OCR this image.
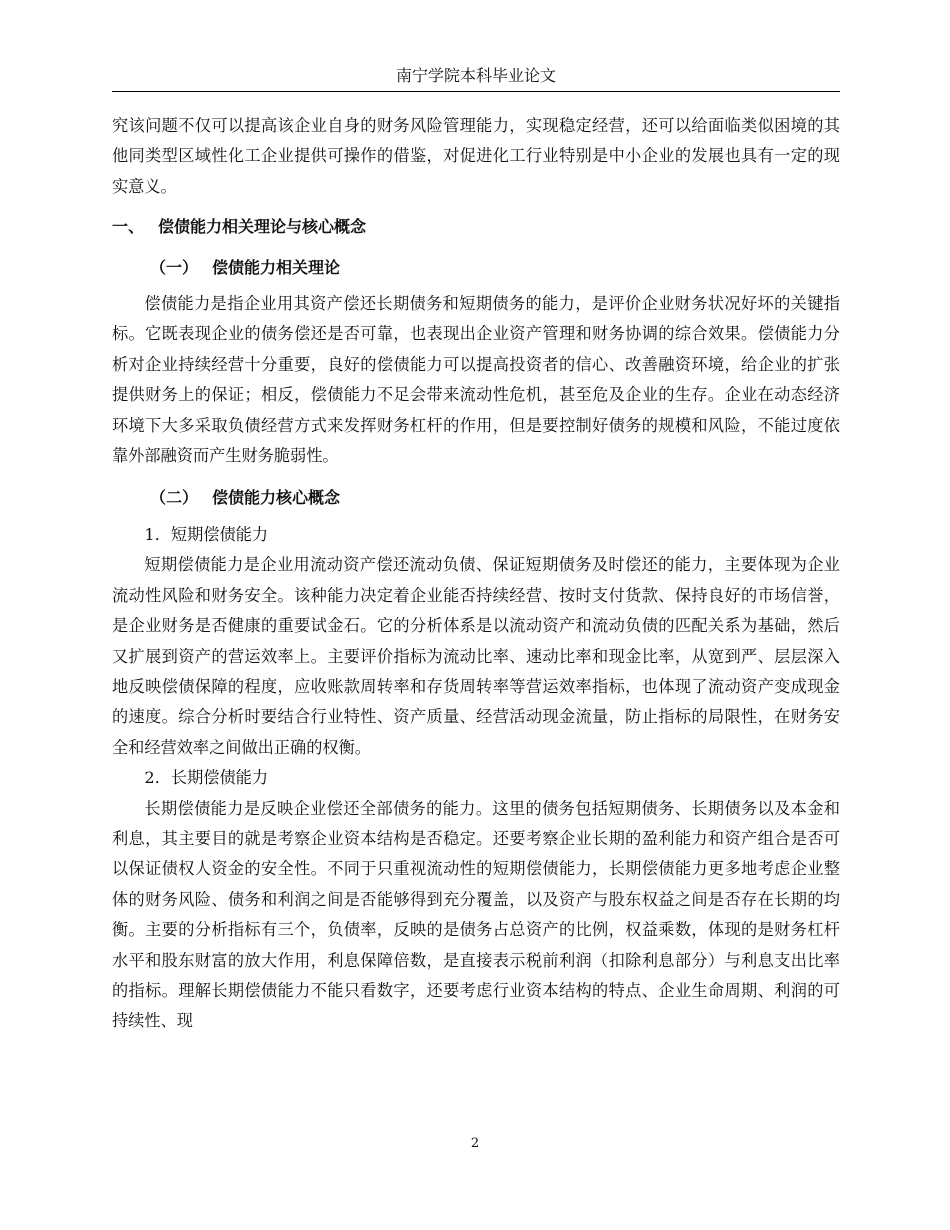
南宁学院本科毕业论文

究该问题不仅可以提高该企业自身的财务风险管理能力，实现稳定经营，还可以给面临类似困境的其他同类型区域性化工企业提供可操作的借鉴，对促进化工行业特别是中小企业的发展也具有一定的现实意义。

一、 偿债能力相关理论与核心概念
（一） 偿债能力相关理论

偿债能力是指企业用其资产偿还长期债务和短期债务的能力，是评价企业财务状况好坏的关键指标。它既表现企业的债务偿还是否可靠，也表现出企业资产管理和财务协调的综合效果。偿债能力分析对企业持续经营十分重要，良好的偿债能力可以提高投资者的信心、改善融资环境，给企业的扩张提供财务上的保证；相反，偿债能力不足会带来流动性危机，甚至危及企业的生存。企业在动态经济环境下大多采取负债经营方式来发挥财务杠杆的作用，但是要控制好债务的规模和风险，不能过度依靠外部融资而产生财务脆弱性。

（二） 偿债能力核心概念

1．短期偿债能力

短期偿债能力是企业用流动资产偿还流动负债、保证短期债务及时偿还的能力，主要体现为企业流动性风险和财务安全。该种能力决定着企业能否持续经营、按时支付货款、保持良好的市场信誉，是企业财务是否健康的重要试金石。它的分析体系是以流动资产和流动负债的匹配关系为基础，然后又扩展到资产的营运效率上。主要评价指标为流动比率、速动比率和现金比率，从宽到严、层层深入地反映偿债保障的程度，应收账款周转率和存货周转率等营运效率指标，也体现了流动资产变成现金的速度。综合分析时要结合行业特性、资产质量、经营活动现金流量，防止指标的局限性，在财务安全和经营效率之间做出正确的权衡。

2．长期偿债能力

长期偿债能力是反映企业偿还全部债务的能力。这里的债务包括短期债务、长期债务以及本金和利息，其主要目的就是考察企业资本结构是否稳定。还要考察企业长期的盈利能力和资产组合是否可以保证债权人资金的安全性。不同于只重视流动性的短期偿债能力，长期偿债能力更多地考虑企业整体的财务风险、债务和利润之间是否能够得到充分覆盖，以及资产与股东权益之间是否存在长期的均衡。主要的分析指标有三个，负债率，反映的是债务占总资产的比例，权益乘数，体现的是财务杠杆水平和股东财富的放大作用，利息保障倍数，是直接表示税前利润（扣除利息部分）与利息支出比率的指标。理解长期偿债能力不能只看数字，还要考虑行业资本结构的特点、企业生命周期、利润的可持续性、现

2
